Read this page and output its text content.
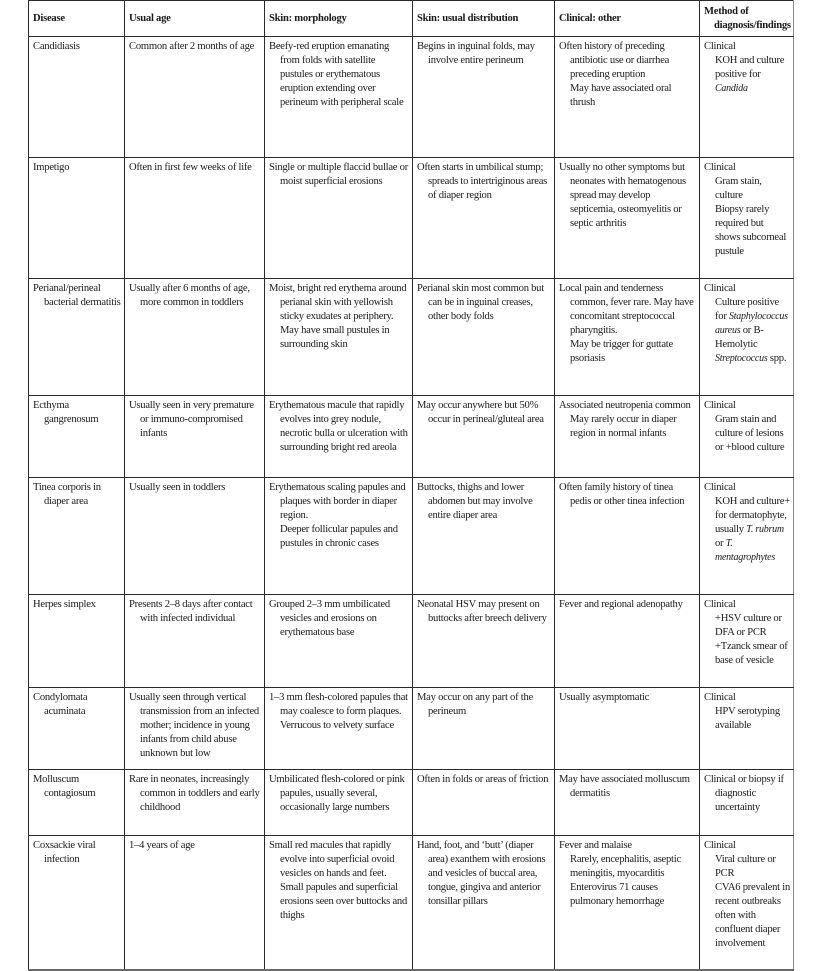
Disease	Usual age	Skin: morphology	Skin: usual distribution	Clinical: other	Method of
diagnosis/findings

Candidiasis	Common after 2 months of age	Beefy-red eruption emanating from folds with satellite pustules or erythematous eruption extending over perineum with peripheral scale	Begins in inguinal folds, may involve entire perineum	Often history of preceding antibiotic use or diarrhea preceding eruption
May have associated oral thrush	Clinical
KOH and culture positive for Candida

Impetigo	Often in first few weeks of life	Single or multiple flaccid bullae or moist superficial erosions	Often starts in umbilical stump; spreads to intertriginous areas of diaper region	Usually no other symptoms but neonates with hematogenous spread may develop septicemia, osteomyelitis or septic arthritis	Clinical
Gram stain, culture
Biopsy rarely required but shows subcorneal pustule

Perianal/perineal bacterial dermatitis	Usually after 6 months of age, more common in toddlers	Moist, bright red erythema around perianal skin with yellowish sticky exudates at periphery. May have small pustules in surrounding skin	Perianal skin most common but can be in inguinal creases, other body folds	Local pain and tenderness common, fever rare. May have concomitant streptococcal pharyngitis.
May be trigger for guttate psoriasis	Clinical
Culture positive for Staphylococcus aureus or B-Hemolytic Streptococcus spp.

Ecthyma gangrenosum	Usually seen in very premature or immuno-compromised infants	Erythematous macule that rapidly evolves into grey nodule, necrotic bulla or ulceration with surrounding bright red areola	May occur anywhere but 50% occur in perineal/gluteal area	Associated neutropenia common
May rarely occur in diaper region in normal infants	Clinical
Gram stain and culture of lesions or +blood culture

Tinea corporis in diaper area	Usually seen in toddlers	Erythematous scaling papules and plaques with border in diaper region.
Deeper follicular papules and pustules in chronic cases	Buttocks, thighs and lower abdomen but may involve entire diaper area	Often family history of tinea pedis or other tinea infection	Clinical
KOH and culture+ for dermatophyte, usually T. rubrum or T. mentagrophytes

Herpes simplex	Presents 2–8 days after contact with infected individual	Grouped 2–3 mm umbilicated vesicles and erosions on erythematous base	Neonatal HSV may present on buttocks after breech delivery	Fever and regional adenopathy	Clinical
+HSV culture or DFA or PCR
+Tzanck smear of base of vesicle

Condylomata acuminata	Usually seen through vertical transmission from an infected mother; incidence in young infants from child abuse unknown but low	1–3 mm flesh-colored papules that may coalesce to form plaques.
Verrucous to velvety surface	May occur on any part of the perineum	Usually asymptomatic	Clinical
HPV serotyping available

Molluscum contagiosum	Rare in neonates, increasingly common in toddlers and early childhood	Umbilicated flesh-colored or pink papules, usually several, occasionally large numbers	Often in folds or areas of friction	May have associated molluscum dermatitis	Clinical or biopsy if diagnostic uncertainty

Coxsackie viral infection	1–4 years of age	Small red macules that rapidly evolve into superficial ovoid vesicles on hands and feet.
Small papules and superficial erosions seen over buttocks and thighs	Hand, foot, and ‘butt’ (diaper area) exanthem with erosions and vesicles of buccal area, tongue, gingiva and anterior tonsillar pillars	Fever and malaise
Rarely, encephalitis, aseptic meningitis, myocarditis
Enterovirus 71 causes pulmonary hemorrhage	Clinical
Viral culture or PCR
CVA6 prevalent in recent outbreaks often with confluent diaper involvement
